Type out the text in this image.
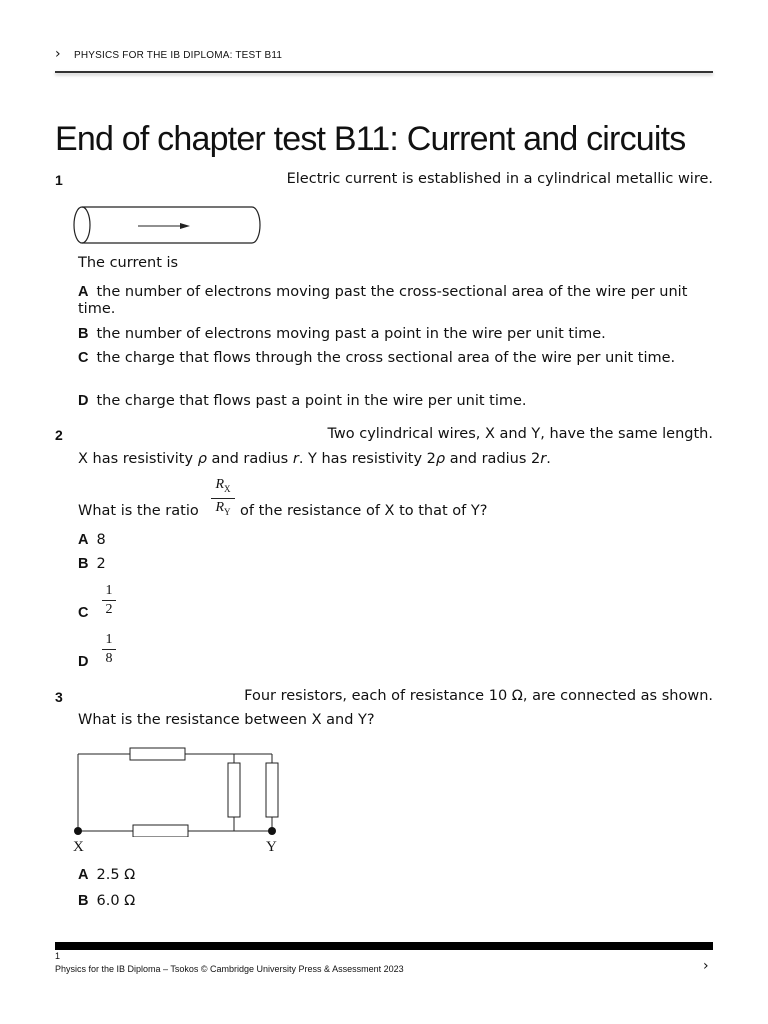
› PHYSICS FOR THE IB DIPLOMA: TEST B11
End of chapter test B11: Current and circuits
1	Electric current is established in a cylindrical metallic wire.
The current is
A the number of electrons moving past the cross-sectional area of the wire per unit time.
B the number of electrons moving past a point in the wire per unit time.
C the charge that flows through the cross sectional area of the wire per unit time.
D the charge that flows past a point in the wire per unit time.
2	Two cylindrical wires, X and Y, have the same length.
X has resistivity ρ and radius r. Y has resistivity 2ρ and radius 2r.
What is the ratio
$R_X$
$R_Y$ of the resistance of X to that of Y?
A 8
B 2
C
1
2
D
1
8
3	Four resistors, each of resistance 10 Ω, are connected as shown.
What is the resistance between X and Y?
X	Y
A 2.5 Ω
B 6.0 Ω
1
Physics for the IB Diploma – Tsokos © Cambridge University Press & Assessment 2023	›
